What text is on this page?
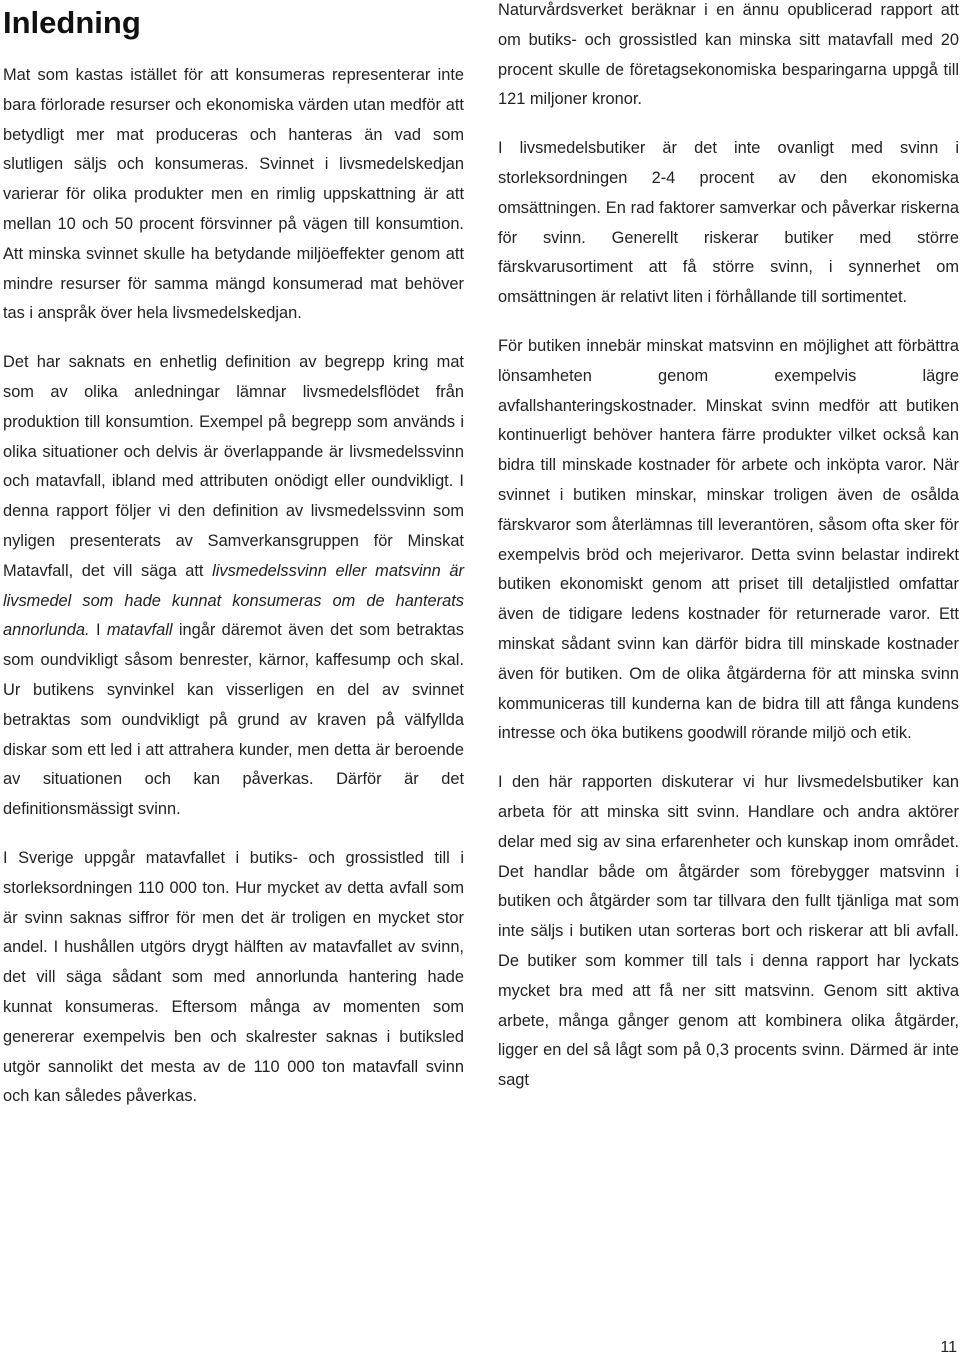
Inledning

Mat som kastas istället för att konsumeras representerar inte bara förlorade resurser och ekonomiska värden utan medför att betydligt mer mat produceras och hanteras än vad som slutligen säljs och konsumeras. Svinnet i livsmedelskedjan varierar för olika produkter men en rimlig uppskattning är att mellan 10 och 50 procent försvinner på vägen till konsumtion. Att minska svinnet skulle ha betydande miljöeffekter genom att mindre resurser för samma mängd konsumerad mat behöver tas i anspråk över hela livsmedelskedjan.

Det har saknats en enhetlig definition av begrepp kring mat som av olika anledningar lämnar livsmedelsflödet från produktion till konsumtion. Exempel på begrepp som används i olika situationer och delvis är överlappande är livsmedelssvinn och matavfall, ibland med attributen onödigt eller oundvikligt. I denna rapport följer vi den definition av livsmedelssvinn som nyligen presenterats av Samverkansgruppen för Minskat Matavfall, det vill säga att livsmedelssvinn eller matsvinn är livsmedel som hade kunnat konsumeras om de hanterats annorlunda. I matavfall ingår däremot även det som betraktas som oundvikligt såsom benrester, kärnor, kaffesump och skal. Ur butikens synvinkel kan visserligen en del av svinnet betraktas som oundvikligt på grund av kraven på välfyllda diskar som ett led i att attrahera kunder, men detta är beroende av situationen och kan påverkas. Därför är det definitionsmässigt svinn.

I Sverige uppgår matavfallet i butiks- och grossistled till i storleksordningen 110 000 ton. Hur mycket av detta avfall som är svinn saknas siffror för men det är troligen en mycket stor andel. I hushållen utgörs drygt hälften av matavfallet av svinn, det vill säga sådant som med annorlunda hantering hade kunnat konsumeras. Eftersom många av momenten som genererar exempelvis ben och skalrester saknas i butiksled utgör sannolikt det mesta av de 110 000 ton matavfall svinn och kan således påverkas.

Naturvårdsverket beräknar i en ännu opublicerad rapport att om butiks- och grossistled kan minska sitt matavfall med 20 procent skulle de företagsekonomiska besparingarna uppgå till 121 miljoner kronor.

I livsmedelsbutiker är det inte ovanligt med svinn i storleksordningen 2-4 procent av den ekonomiska omsättningen. En rad faktorer samverkar och påverkar riskerna för svinn. Generellt riskerar butiker med större färskvarusortiment att få större svinn, i synnerhet om omsättningen är relativt liten i förhållande till sortimentet.

För butiken innebär minskat matsvinn en möjlighet att förbättra lönsamheten genom exempelvis lägre avfallshanteringskostnader. Minskat svinn medför att butiken kontinuerligt behöver hantera färre produkter vilket också kan bidra till minskade kostnader för arbete och inköpta varor. När svinnet i butiken minskar, minskar troligen även de osålda färskvaror som återlämnas till leverantören, såsom ofta sker för exempelvis bröd och mejerivaror. Detta svinn belastar indirekt butiken ekonomiskt genom att priset till detaljistled omfattar även de tidigare ledens kostnader för returnerade varor. Ett minskat sådant svinn kan därför bidra till minskade kostnader även för butiken. Om de olika åtgärderna för att minska svinn kommuniceras till kunderna kan de bidra till att fånga kundens intresse och öka butikens goodwill rörande miljö och etik.

I den här rapporten diskuterar vi hur livsmedelsbutiker kan arbeta för att minska sitt svinn. Handlare och andra aktörer delar med sig av sina erfarenheter och kunskap inom området. Det handlar både om åtgärder som förebygger matsvinn i butiken och åtgärder som tar tillvara den fullt tjänliga mat som inte säljs i butiken utan sorteras bort och riskerar att bli avfall. De butiker som kommer till tals i denna rapport har lyckats mycket bra med att få ner sitt matsvinn. Genom sitt aktiva arbete, många gånger genom att kombinera olika åtgärder, ligger en del så lågt som på 0,3 procents svinn. Därmed är inte sagt

11
